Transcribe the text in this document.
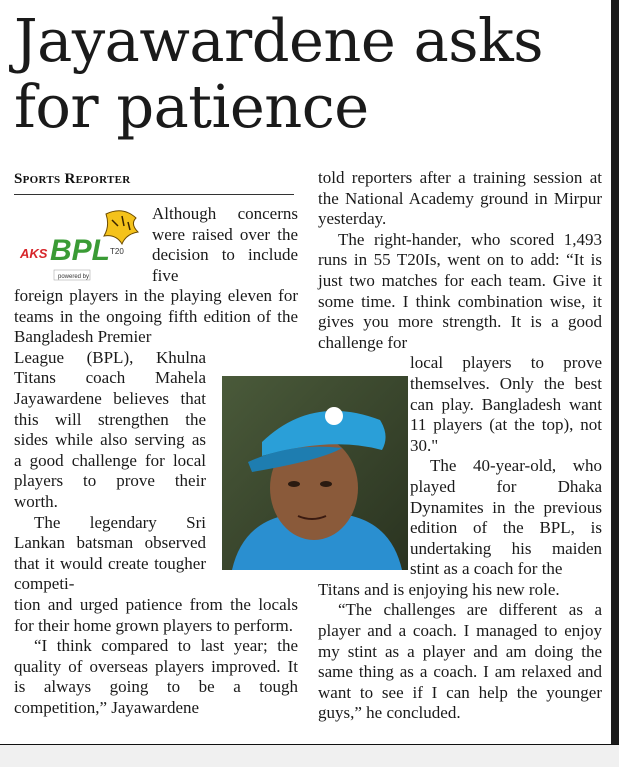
Jayawardene asks for patience
Sports Reporter
AKS BPL T20
powered by

Although concerns were raised over the decision to include five

foreign players in the playing eleven for teams in the ongoing fifth edition of the Bangladesh Premier

League (BPL), Khulna Titans coach Mahela Jayawardene believes that this will strengthen the sides while also serving as a good challenge for local players to prove their worth.

The legendary Sri Lankan batsman observed that it would create tougher competi-

tion and urged patience from the locals for their home grown players to perform.

“I think compared to last year; the quality of overseas players improved. It is always going to be a tough competition,” Jayawardene

told reporters after a training session at the National Academy ground in Mirpur yesterday.

The right-hander, who scored 1,493 runs in 55 T20Is, went on to add: “It is just two matches for each team. Give it some time. I think combination wise, it gives you more strength. It is a good challenge for

local players to prove themselves. Only the best can play. Bangladesh want 11 players (at the top), not 30."

The 40-year-old, who played for Dhaka Dynamites in the previous edition of the BPL, is undertaking his maiden stint as a coach for the

Titans and is enjoying his new role.

“The challenges are different as a player and a coach. I managed to enjoy my stint as a player and am doing the same thing as a coach. I am relaxed and want to see if I can help the younger guys,” he concluded.
